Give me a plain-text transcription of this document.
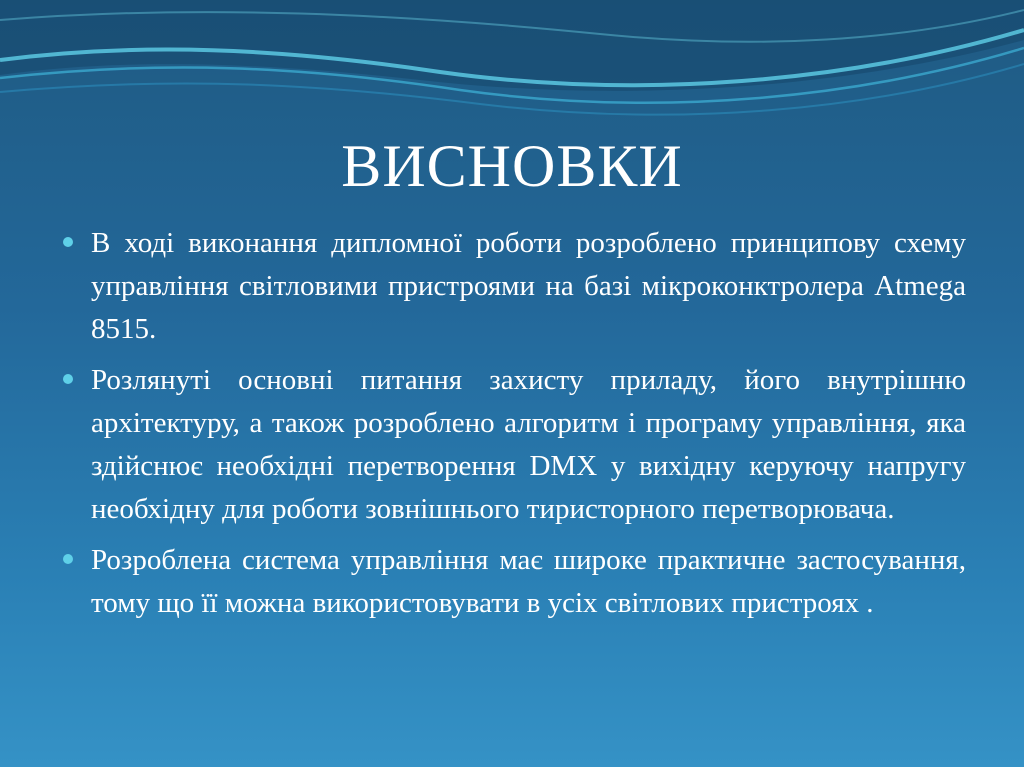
ВИСНОВКИ
В ході виконання дипломної роботи розроблено принципову схему управління світловими пристроями на базі мікроконктролера Atmega 8515.
Розлянуті основні питання захисту приладу, його внутрішню архітектуру, а також розроблено алгоритм і програму управління, яка здійснює необхідні перетворення DMX у вихідну керуючу напругу необхідну для роботи зовнішнього тиристорного перетворювача.
Розроблена система управління має широке практичне застосування, тому що її можна використовувати в усіх світлових пристроях .
